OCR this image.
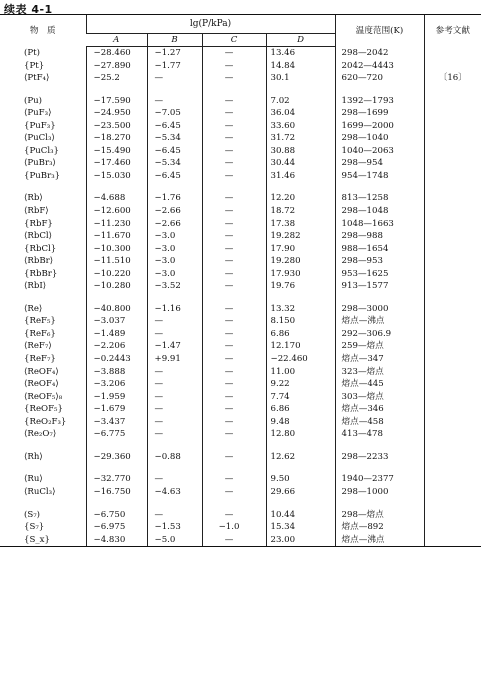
续表 4-1
物　质	lg(P/kPa)				温度范围(K)	参考文献
	A	B	C	D		
(Pt)	−28.460	−1.27	—	13.46	298—2042	
{Pt}	−27.890	−1.77	—	14.84	2042—4443	
⟨PtF₄⟩	−25.2	—	—	30.1	620—720	〔16〕

(Pu)	−17.590	—	—	7.02	1392—1793	
⟨PuF₃⟩	−24.950	−7.05	—	36.04	298—1699	
{PuF₃}	−23.500	−6.45	—	33.60	1699—2000	
⟨PuCl₃⟩	−18.270	−5.34	—	31.72	298—1040	
{PuCl₃}	−15.490	−6.45	—	30.88	1040—2063	
⟨PuBr₃⟩	−17.460	−5.34	—	30.44	298—954	
{PuBr₃}	−15.030	−6.45	—	31.46	954—1748	

⟨Rb⟩	−4.688	−1.76	—	12.20	813—1258	
⟨RbF⟩	−12.600	−2.66	—	18.72	298—1048	
{RbF}	−11.230	−2.66	—	17.38	1048—1663	
⟨RbCl⟩	−11.670	−3.0	—	19.282	298—988	
{RbCl}	−10.300	−3.0	—	17.90	988—1654	
⟨RbBr⟩	−11.510	−3.0	—	19.280	298—953	
{RbBr}	−10.220	−3.0	—	17.930	953—1625	
⟨RbI⟩	−10.280	−3.52	—	19.76	913—1577	

⟨Re⟩	−40.800	−1.16	—	13.32	298—3000	
{ReF₅}	−3.037	—	—	8.150	熔点—沸点	
{ReF₆}	−1.489	—	—	6.86	292—306.9	
⟨ReF₇⟩	−2.206	−1.47	—	12.170	259—熔点	
{ReF₇}	−0.2443	+9.91	—	−22.460	熔点—347	
⟨ReOF₄⟩	−3.888	—	—	11.00	323—熔点	
⟨ReOF₄⟩	−3.206	—	—	9.22	熔点—445	
⟨ReOF₅⟩₈	−1.959	—	—	7.74	303—熔点	
{ReOF₅}	−1.679	—	—	6.86	熔点—346	
{ReO₂F₃}	−3.437	—	—	9.48	熔点—458	
⟨Re₂O₇⟩	−6.775	—	—	12.80	413—478	

⟨Rh⟩	−29.360	−0.88	—	12.62	298—2233	

⟨Ru⟩	−32.770	—	—	9.50	1940—2377	
⟨RuCl₃⟩	−16.750	−4.63	—	29.66	298—1000	

(S₇)	−6.750	—	—	10.44	298—熔点	
{S₇}	−6.975	−1.53	−1.0	15.34	熔点—892	
{S_x}	−4.830	−5.0	—	23.00	熔点—沸点	
